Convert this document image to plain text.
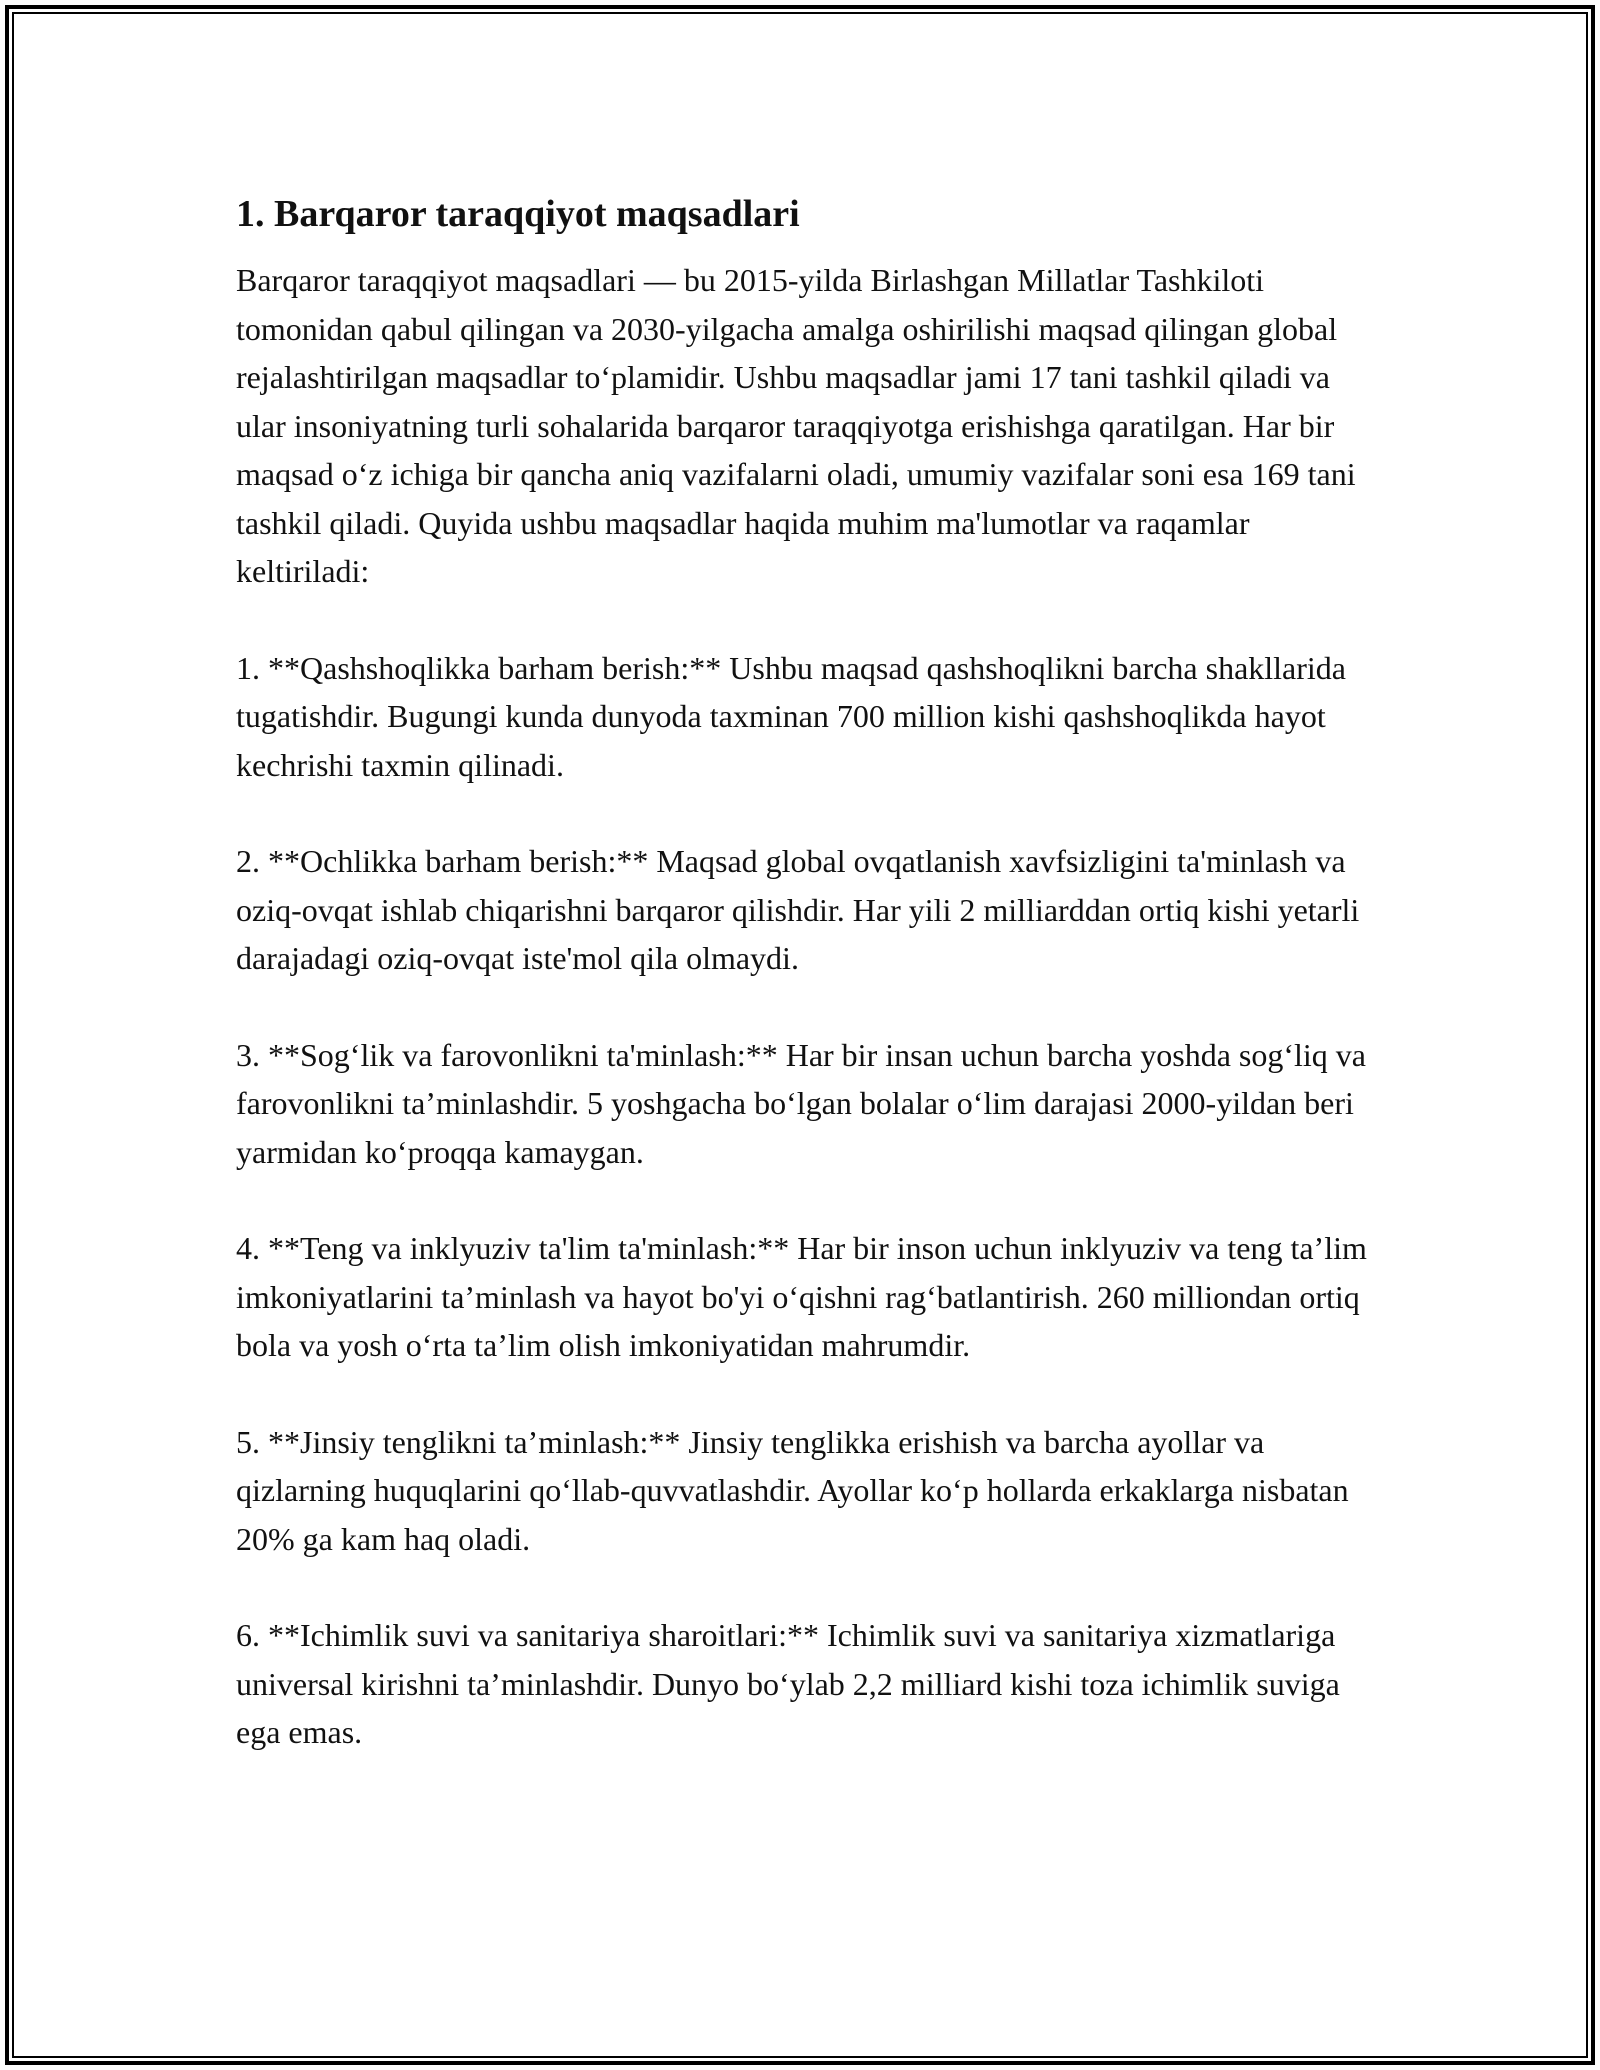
1. Barqaror taraqqiyot maqsadlari

Barqaror taraqqiyot maqsadlari — bu 2015-yilda Birlashgan Millatlar Tashkiloti tomonidan qabul qilingan va 2030-yilgacha amalga oshirilishi maqsad qilingan global rejalashtirilgan maqsadlar to‘plamidir. Ushbu maqsadlar jami 17 tani tashkil qiladi va ular insoniyatning turli sohalarida barqaror taraqqiyotga erishishga qaratilgan. Har bir maqsad o‘z ichiga bir qancha aniq vazifalarni oladi, umumiy vazifalar soni esa 169 tani tashkil qiladi. Quyida ushbu maqsadlar haqida muhim ma'lumotlar va raqamlar keltiriladi:

1. **Qashshoqlikka barham berish:** Ushbu maqsad qashshoqlikni barcha shakllarida tugatishdir. Bugungi kunda dunyoda taxminan 700 million kishi qashshoqlikda hayot kechrishi taxmin qilinadi.

2. **Ochlikka barham berish:** Maqsad global ovqatlanish xavfsizligini ta'minlash va oziq-ovqat ishlab chiqarishni barqaror qilishdir. Har yili 2 milliarddan ortiq kishi yetarli darajadagi oziq-ovqat iste'mol qila olmaydi.

3. **Sog‘lik va farovonlikni ta'minlash:** Har bir insan uchun barcha yoshda sog‘liq va farovonlikni ta’minlashdir. 5 yoshgacha bo‘lgan bolalar o‘lim darajasi 2000-yildan beri yarmidan ko‘proqqa kamaygan.

4. **Teng va inklyuziv ta'lim ta'minlash:** Har bir inson uchun inklyuziv va teng ta’lim imkoniyatlarini ta’minlash va hayot bo'yi o‘qishni rag‘batlantirish. 260 milliondan ortiq bola va yosh o‘rta ta’lim olish imkoniyatidan mahrumdir.

5. **Jinsiy tenglikni ta’minlash:** Jinsiy tenglikka erishish va barcha ayollar va qizlarning huquqlarini qo‘llab-quvvatlashdir. Ayollar ko‘p hollarda erkaklarga nisbatan 20% ga kam haq oladi.

6. **Ichimlik suvi va sanitariya sharoitlari:** Ichimlik suvi va sanitariya xizmatlariga universal kirishni ta’minlashdir. Dunyo bo‘ylab 2,2 milliard kishi toza ichimlik suviga ega emas.
